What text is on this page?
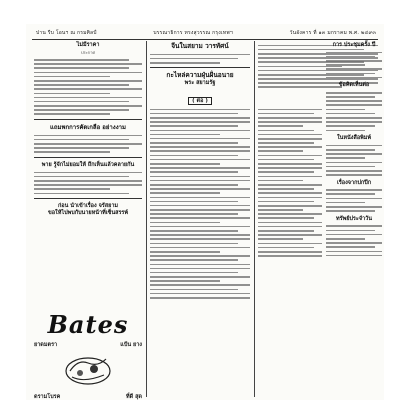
ปาน รีบ โอนฯ ณ กรมศิลป์	บรรณาธิการ ทรงสุวรรณ กรุงเทพฯ	วันอังคาร ที่ ๑๓ มกราคม พ.ศ. ๒๔๙๓
ไม่มีราคา
ประกาศ
แถมพกการคัดเกลือ อย่างงาม
พาย รู้จักไม่ยอมให้ ถึกเห็นแล้วคลายกัน
ก่อน นำเข้าเรื่อง จรัสยาม
ขอให้ไปพบกับนายหน้าที่เซ็นสรรพ์
Bates
ยาดมตรา	แป้น ยาง
ดรามโบรค	ที่ดี สุด
จีนในสยาม วารทัศน์
กะไหล่ความฝุ่นฝั่นอนาย
พระ สยามรัฐ
( ต่อ )
การ ประชุมครั้ง ปี
ข้อคิดเห็นต่อ
ในหนังสือพิมพ์
เรื่องจากปกปีก
ทรัพย์ประจำวัน
